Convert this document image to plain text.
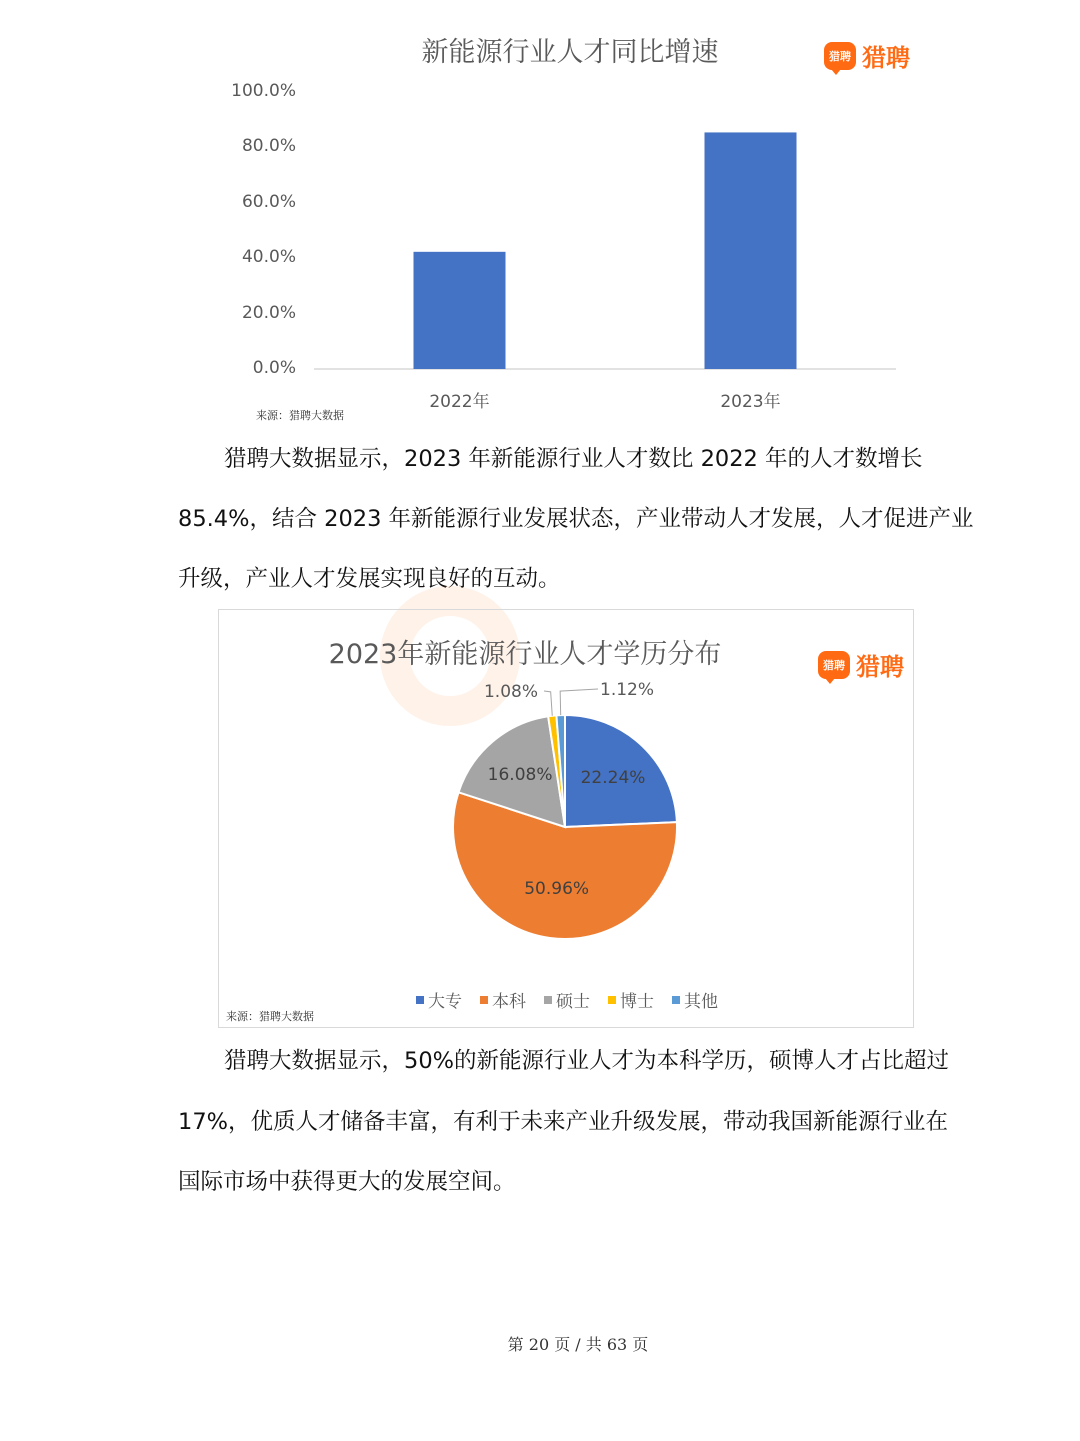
新能源行业人才同比增速	猎聘 猎聘
0.0%
20.0%
40.0%
60.0%
80.0%
100.0%
2022年	2023年
来源：猎聘大数据
猎聘大数据显示，2023 年新能源行业人才数比 2022 年的人才数增长
85.4%，结合 2023 年新能源行业发展状态，产业带动人才发展，人才促进产业
升级，产业人才发展实现良好的互动。
2023年新能源行业人才学历分布	猎聘 猎聘
22.24%
50.96%
16.08%
1.08%	1.12%
大专 本科 硕士 博士 其他
来源：猎聘大数据
猎聘大数据显示，50%的新能源行业人才为本科学历，硕博人才占比超过
17%，优质人才储备丰富，有利于未来产业升级发展，带动我国新能源行业在
国际市场中获得更大的发展空间。
第 20 页 / 共 63 页
